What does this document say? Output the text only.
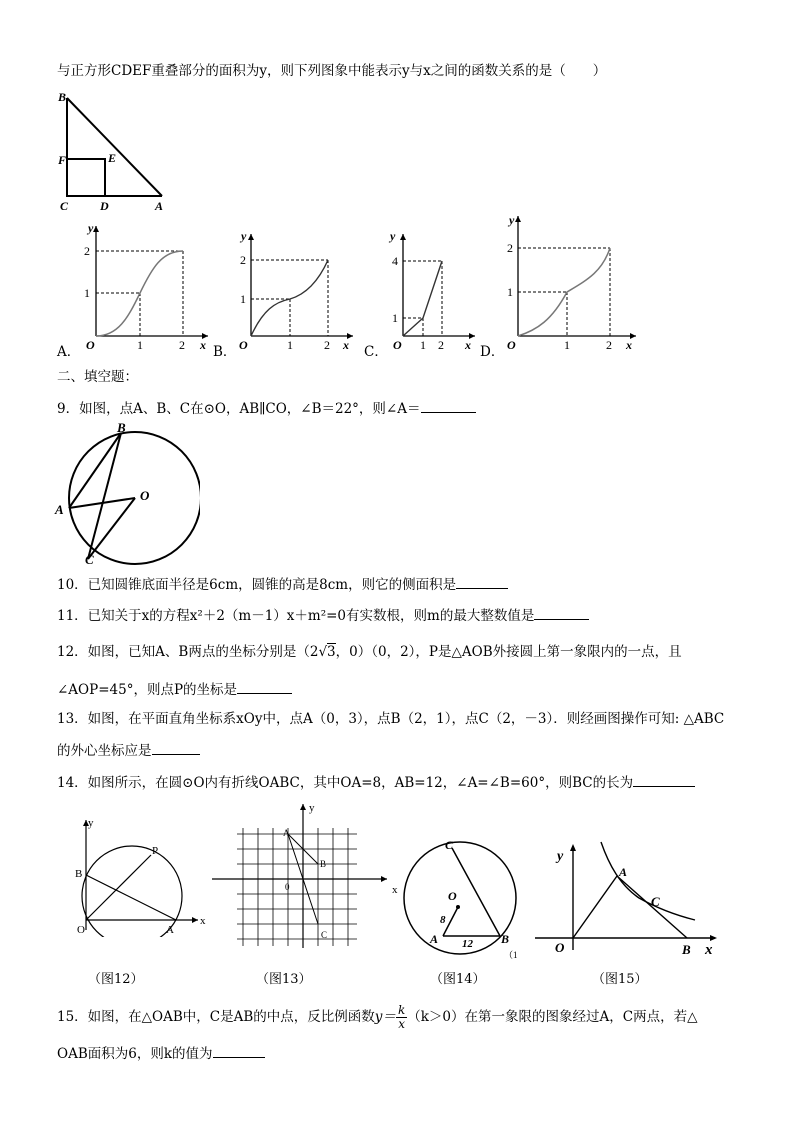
与正方形CDEF重叠部分的面积为y，则下列图象中能表示y与x之间的函数关系的是（　　）
B
F	E
C	D	A
A．
y
2
1
O	1	2 x B．
y
2
1
O	1	2 x C．
y
4
1
O 1 2 x D．
y
2
1
O	1	2 x
二、填空题：
9．如图，点A、B、C在⊙O，AB∥CO，∠B＝22°，则∠A＝
B
A
O
C
10．已知圆锥底面半径是6cm，圆锥的高是8cm，则它的侧面积是
11．已知关于x的方程x²＋2（m－1）x＋m²=0有实数根，则m的最大整数值是
12．如图，已知A、B两点的坐标分别是（2√3，0）（0，2），P是△AOB外接圆上第一象限内的一点，且
∠AOP=45°，则点P的坐标是
13．如图，在平面直角坐标系xOy中，点A（0，3），点B（2，1），点C（2，－3）．则经画图操作可知: △ABC
的外心坐标应是
14．如图所示，在圆⊙O内有折线OABC，其中OA=8，AB=12，∠A=∠B=60°，则BC的长为
y
x
B
P
O	A
（图12）
y
x
A
B
C
0
（图13）
C
O
8
A 12 B
（1
（图14）
y
x
A
C
O	B
（图15）
15．如图，在△OAB中，C是AB的中点，反比例函数$y= \frac{k}{x} (k>0)$在第一象限的图象经过A，C两点，若△
OAB面积为6，则k的值为
